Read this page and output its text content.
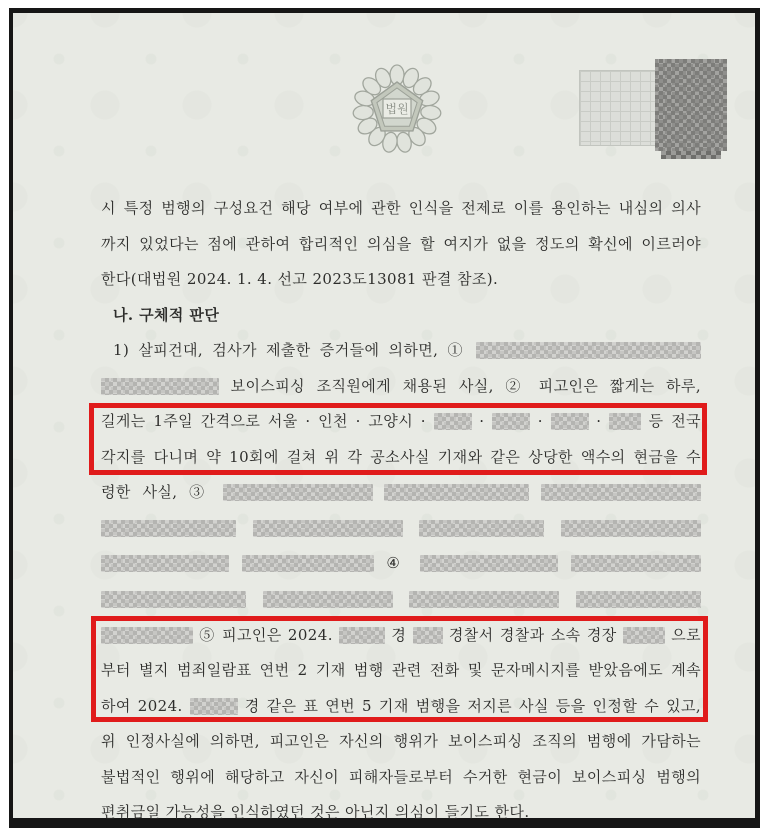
법원
시 특정 범행의 구성요건 해당 여부에 관한 인식을 전제로 이를 용인하는 내심의 의사
까지 있었다는 점에 관하여 합리적인 의심을 할 여지가 없을 정도의 확신에 이르러야
한다(대법원 2024. 1. 4. 선고 2023도13081 판결 참조).
나. 구체적 판단
1) 살피건대, 검사가 제출한 증거들에 의하면, ①
보이스피싱 조직원에게 채용된 사실, ② 피고인은 짧게는 하루,
길게는 1주일 간격으로 서울 · 인천 · 고양시 ·	·	·	·	등 전국
각지를 다니며 약 10회에 걸쳐 위 각 공소사실 기재와 같은 상당한 액수의 현금을 수
령한 사실, ③

④

⑤ 피고인은 2024.	경	경찰서 경찰과 소속 경장	으로
부터 별지 범죄일람표 연번 2 기재 범행 관련 전화 및 문자메시지를 받았음에도 계속
하여 2024.	경 같은 표 연번 5 기재 범행을 저지른 사실 등을 인정할 수 있고,
위 인정사실에 의하면, 피고인은 자신의 행위가 보이스피싱 조직의 범행에 가담하는
불법적인 행위에 해당하고 자신이 피해자들로부터 수거한 현금이 보이스피싱 범행의
편취금일 가능성을 인식하였던 것은 아닌지 의심이 들기도 한다.
